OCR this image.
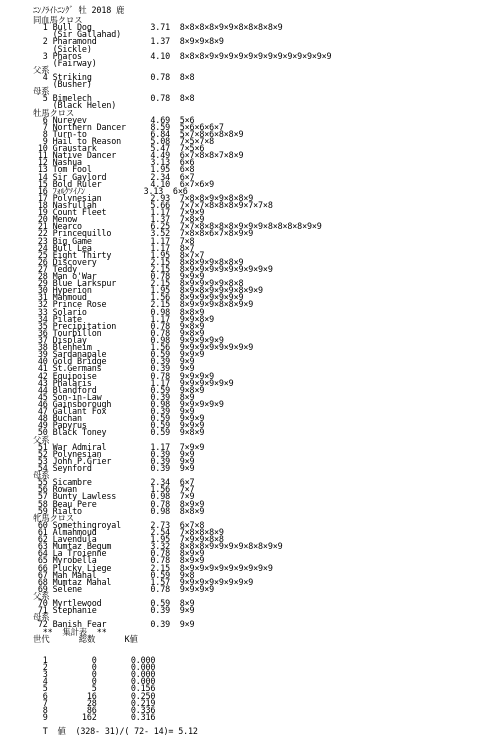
ﾆﾝﾉﾗｲﾄﾆﾝｸﾞ 牡 2018 鹿
同血馬クロス
1 Bull Dog            3.71  8×8×8×8×9×9×8×8×8×8×9
(Sir Gallahad)
2 Pharamond           1.37  8×9×9×8×9
(Sickle)
3 Pharos              4.10  8×8×8×9×9×9×9×9×9×9×9×9×9×9×9×9
(Fairway)
父系
4 Striking            0.78  8×8
(Busher)
母系
5 Bimelech            0.78  8×8
(Black Helen)
牡馬クロス
6 Nureyev             4.69  5×6
7 Northern Dancer     8.59  5×6×6×6×7
8 Turn-to             6.84  5×7×8×6×8×8×9
9 Hail to Reason      5.08  7×5×7×8
10 Graustark           5.47  7×5×6
11 Native Dancer       4.49  6×7×8×8×7×8×9
12 Nashua              3.13  6×6
13 Tom Fool            1.95  6×8
14 Sir Gaylord         2.34  6×7
15 Bold Ruler          4.10  6×7×6×9
16 ﾌｫﾙｸｿｲﾉﾝ            3.13  6×6
17 Polynesian          2.93  7×8×8×9×9×8×8×9
18 Nasrullah           5.66  7×7×7×8×8×8×9×7×7×8
19 Count Fleet         1.17  7×9×9
20 Menow               1.37  7×8×9
21 Nearco              6.25  7×7×8×8×8×8×9×9×9×8×8×8×8×9×9
22 Princequillo        3.52  7×8×8×6×7×8×9×9
23 Big Game            1.17  7×8
24 Bull Lea            1.17  8×7
25 Eight Thirty        1.95  8×7×7
26 Discovery           2.15  8×8×9×9×8×8×9
27 Teddy               2.15  8×9×9×9×9×9×9×9×9×9
28 Man o'War           0.78  9×9×9
29 Blue Larkspur       2.15  8×9×9×9×9×8×8
30 Hyperion            1.95  8×9×8×9×9×9×8×9×9
31 Mahmoud             1.56  8×9×9×9×9×9×9
32 Prince Rose         2.15  8×9×9×9×8×8×9×9
33 Solario             0.98  8×8×9
34 Pilate              1.17  9×9×8×9
35 Precipitation       0.78  9×8×9
36 Tourbillon          0.78  9×8×9
37 Display             0.98  9×9×9×9×9
38 Blenheim            1.56  9×9×9×9×9×9×9×9
39 Sardanapale         0.59  9×9×9
40 Gold Bridge         0.39  9×9
41 St.Germans          0.39  9×9
42 Equipoise           0.78  9×9×9×9
43 Phalaris            1.17  9×9×9×9×9×9
44 Blandford           0.59  9×8×9
45 Son-in-Law          0.39  8×9
46 Gainsborough        0.98  9×9×9×9×9
47 Gallant Fox         0.39  9×9
48 Buchan              0.59  9×9×9
49 Papyrus             0.59  9×9×9
50 Black Toney         0.59  9×8×9
父系
51 War Admiral         1.17  7×9×9
52 Polynesian          0.39  9×9
53 John P.Grier        0.39  9×9
54 Seynford            0.39  9×9
母系
55 Sicambre            2.34  6×7
56 Rowan               1.56  7×7
57 Bunty Lawless       0.98  7×9
58 Beau Pere           0.78  8×9×9
59 Rialto              0.98  8×8×9
牝馬クロス
60 Somethingroyal      2.73  6×7×8
61 Almahmoud           2.54  7×8×8×8×9
62 Lavendula           1.95  7×9×9×8×8
63 Mumtaz Begum        3.32  8×8×8×9×9×9×9×8×8×9×9
64 La Troienne         0.78  8×9×9
65 Myrobella           0.78  8×9×9
66 Plucky Liege        2.15  8×9×9×9×9×9×9×9×9×9
67 Mah Mahal           0.59  9×8
68 Mumtaz Mahal        1.57  9×9×9×9×9×9×9×9
69 Selene              0.78  9×9×9×9
父系
70 Myrtlewood          0.59  8×9
71 Stephanie           0.39  9×9
母系
72 Banish Fear         0.39  9×9
**  集計表  **
世代      総数      K値
1         0       0.000
2         0       0.000
3         0       0.000
4         0       0.000
5         5       0.156
6        16       0.250
7        28       0.219
8        86       0.336
9       162       0.316
T  値  (328- 31)/( 72- 14)= 5.12
